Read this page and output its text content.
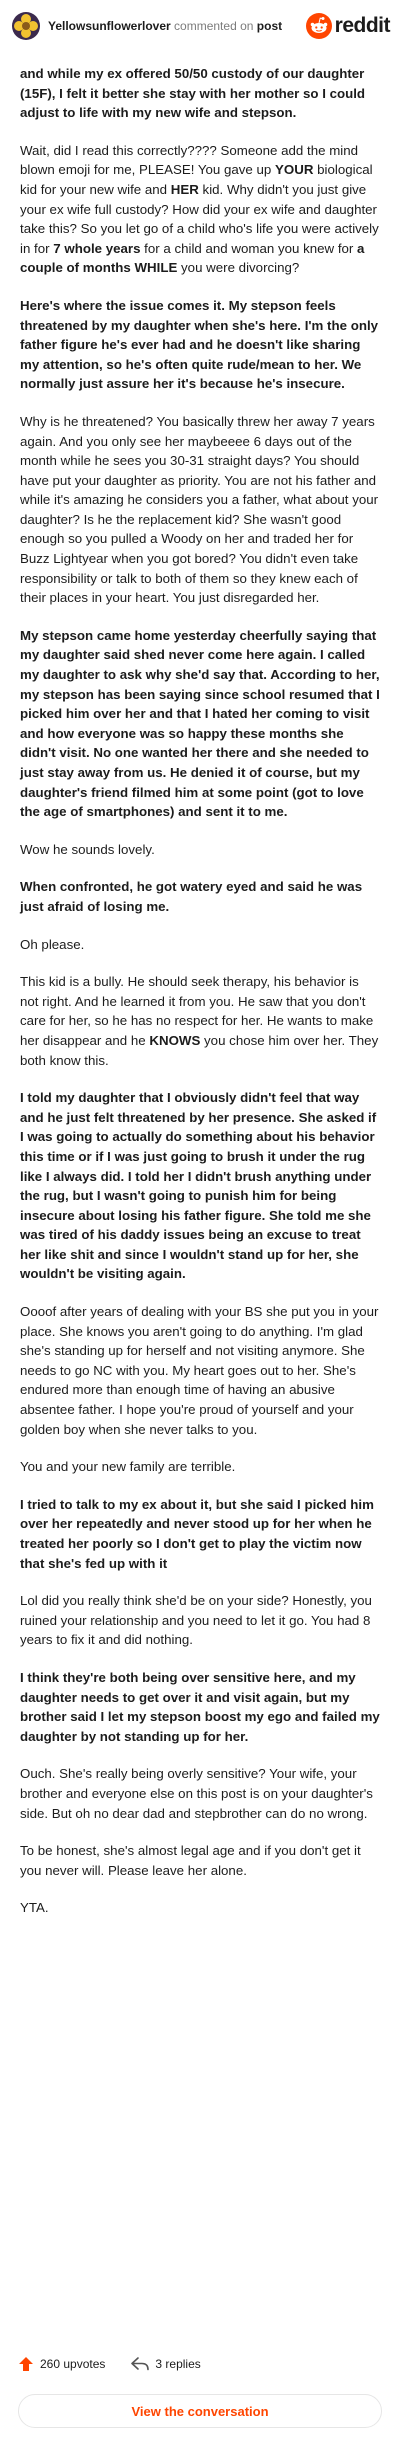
Yellowsunflowerlover commented on post	reddit

and while my ex offered 50/50 custody of our daughter (15F), I felt it better she stay with her mother so I could adjust to life with my new wife and stepson.

Wait, did I read this correctly???? Someone add the mind blown emoji for me, PLEASE! You gave up YOUR biological kid for your new wife and HER kid. Why didn't you just give your ex wife full custody? How did your ex wife and daughter take this? So you let go of a child who's life you were actively in for 7 whole years for a child and woman you knew for a couple of months WHILE you were divorcing?

Here's where the issue comes it. My stepson feels threatened by my daughter when she's here. I'm the only father figure he's ever had and he doesn't like sharing my attention, so he's often quite rude/mean to her. We normally just assure her it's because he's insecure.

Why is he threatened? You basically threw her away 7 years again. And you only see her maybeeee 6 days out of the month while he sees you 30-31 straight days? You should have put your daughter as priority. You are not his father and while it's amazing he considers you a father, what about your daughter? Is he the replacement kid? She wasn't good enough so you pulled a Woody on her and traded her for Buzz Lightyear when you got bored? You didn't even take responsibility or talk to both of them so they knew each of their places in your heart. You just disregarded her.

My stepson came home yesterday cheerfully saying that my daughter said shed never come here again. I called my daughter to ask why she'd say that. According to her, my stepson has been saying since school resumed that I picked him over her and that I hated her coming to visit and how everyone was so happy these months she didn't visit. No one wanted her there and she needed to just stay away from us. He denied it of course, but my daughter's friend filmed him at some point (got to love the age of smartphones) and sent it to me.

Wow he sounds lovely.

When confronted, he got watery eyed and said he was just afraid of losing me.

Oh please.

This kid is a bully. He should seek therapy, his behavior is not right. And he learned it from you. He saw that you don't care for her, so he has no respect for her. He wants to make her disappear and he KNOWS you chose him over her. They both know this.

I told my daughter that I obviously didn't feel that way and he just felt threatened by her presence. She asked if I was going to actually do something about his behavior this time or if I was just going to brush it under the rug like I always did. I told her I didn't brush anything under the rug, but I wasn't going to punish him for being insecure about losing his father figure. She told me she was tired of his daddy issues being an excuse to treat her like shit and since I wouldn't stand up for her, she wouldn't be visiting again.

Oooof after years of dealing with your BS she put you in your place. She knows you aren't going to do anything. I'm glad she's standing up for herself and not visiting anymore. She needs to go NC with you. My heart goes out to her. She's endured more than enough time of having an abusive absentee father. I hope you're proud of yourself and your golden boy when she never talks to you.

You and your new family are terrible.

I tried to talk to my ex about it, but she said I picked him over her repeatedly and never stood up for her when he treated her poorly so I don't get to play the victim now that she's fed up with it

Lol did you really think she'd be on your side? Honestly, you ruined your relationship and you need to let it go. You had 8 years to fix it and did nothing.

I think they're both being over sensitive here, and my daughter needs to get over it and visit again, but my brother said I let my stepson boost my ego and failed my daughter by not standing up for her.

Ouch. She's really being overly sensitive? Your wife, your brother and everyone else on this post is on your daughter's side. But oh no dear dad and stepbrother can do no wrong.

To be honest, she's almost legal age and if you don't get it you never will. Please leave her alone.

YTA.

260 upvotes	3 replies
View the conversation
